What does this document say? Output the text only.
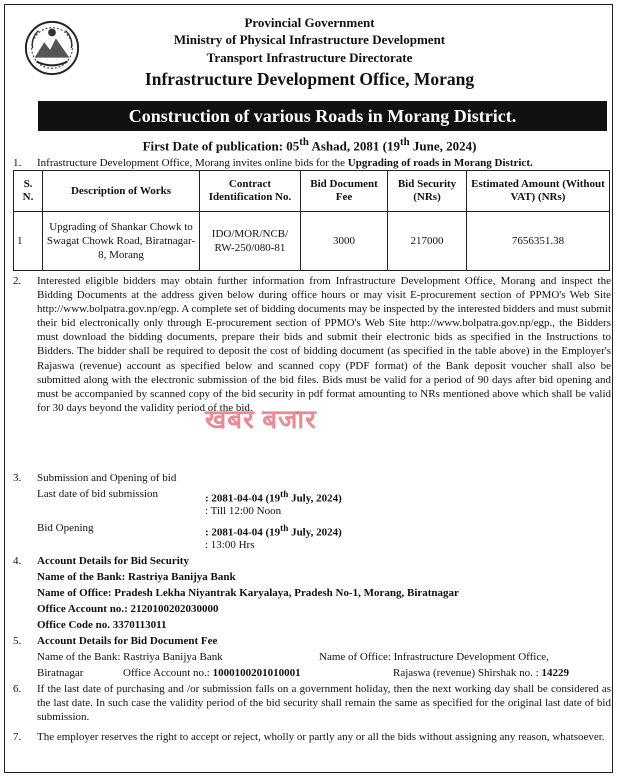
Provincial Government
Ministry of Physical Infrastructure Development
Transport Infrastructure Directorate
Infrastructure Development Office, Morang
Construction of various Roads in Morang District.
First Date of publication: 05th Ashad, 2081 (19th June, 2024)
1. Infrastructure Development Office, Morang invites online bids for the Upgrading of roads in Morang District.
S. N.	Description of Works	Contract Identification No.	Bid Document Fee	Bid Security (NRs)	Estimated Amount (Without VAT) (NRs)
1	Upgrading of Shankar Chowk to Swagat Chowk Road, Biratnagar-8, Morang	IDO/MOR/NCB/ RW-250/080-81	3000	217000	7656351.38
2. Interested eligible bidders may obtain further information from Infrastructure Development Office, Morang and inspect the Bidding Documents at the address given below during office hours or may visit E-procurement section of PPMO's Web Site http://www.bolpatra.gov.np/egp. A complete set of bidding documents may be inspected by the interested bidders and must submit their bid electronically only through E-procurement section of PPMO's Web Site http://www.bolpatra.gov.np/egp., the Bidders must download the bidding documents, prepare their bids and submit their electronic bids as specified in the Instructions to Bidders. The bidder shall be required to deposit the cost of bidding document (as specified in the table above) in the Employer's Rajaswa (revenue) account as specified below and scanned copy (PDF format) of the Bank deposit voucher shall also be submitted along with the electronic submission of the bid files. Bids must be valid for a period of 90 days after bid opening and must be accompanied by scanned copy of the bid security in pdf format amounting to NRs mentioned above which shall be valid for 30 days beyond the validity period of the bid.
खबर बजार
3. Submission and Opening of bid
Last date of bid submission	: 2081-04-04 (19th July, 2024)
: Till 12:00 Noon
Bid Opening	: 2081-04-04 (19th July, 2024)
: 13:00 Hrs
4. Account Details for Bid Security
Name of the Bank: Rastriya Banijya Bank
Name of Office: Pradesh Lekha Niyantrak Karyalaya, Pradesh No-1, Morang, Biratnagar
Office Account no.: 2120100202030000
Office Code no. 3370113011
5. Account Details for Bid Document Fee
Name of the Bank: Rastriya Banijya Bank	Name of Office: Infrastructure Development Office,
Biratnagar	Office Account no.: 1000100201010001	Rajaswa (revenue) Shirshak no. : 14229
6. If the last date of purchasing and /or submission falls on a government holiday, then the next working day shall be considered as the last date. In such case the validity period of the bid security shall remain the same as specified for the original last date of bid submission.
7. The employer reserves the right to accept or reject, wholly or partly any or all the bids without assigning any reason, whatsoever.
